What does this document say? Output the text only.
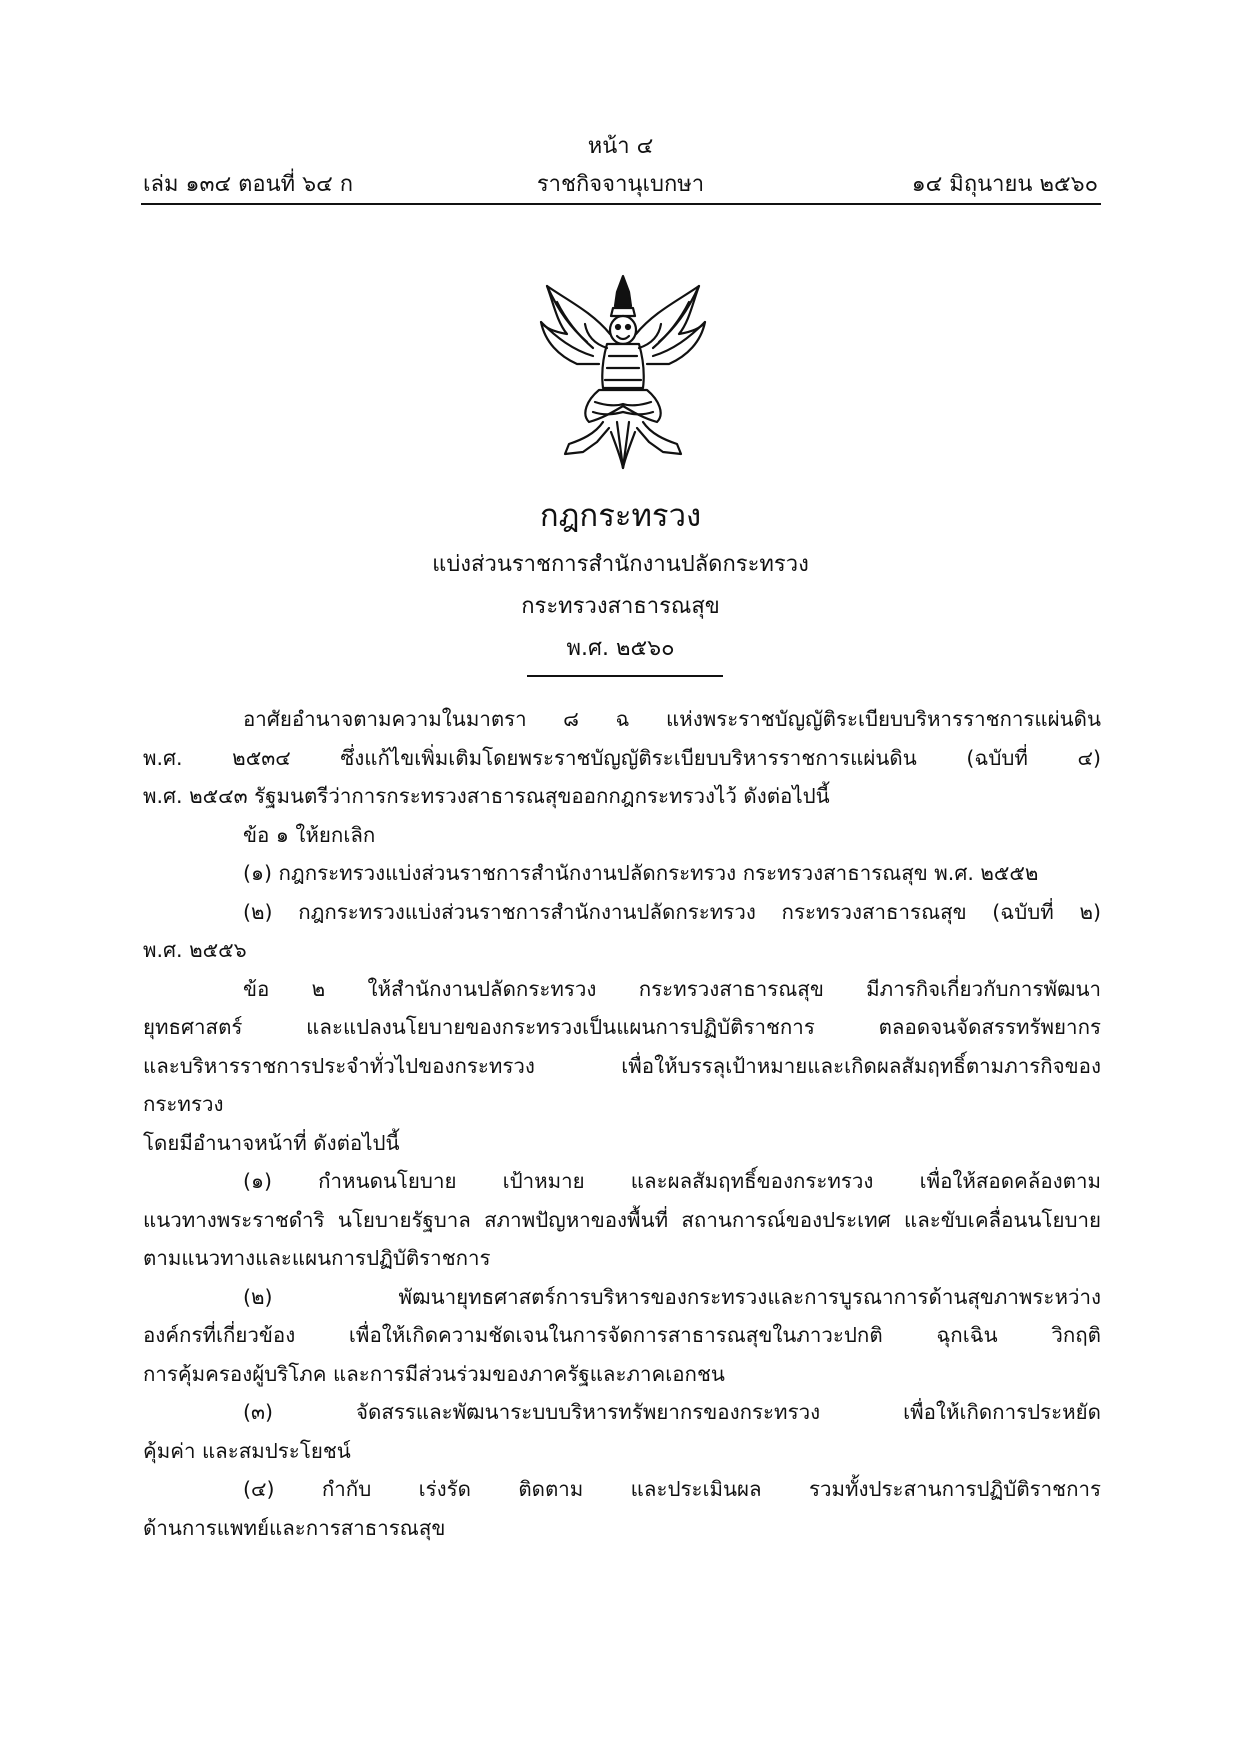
หน้า ๔
เล่ม ๑๓๔ ตอนที่ ๖๔ ก	ราชกิจจานุเบกษา	๑๔ มิถุนายน ๒๕๖๐
กฎกระทรวง
แบ่งส่วนราชการสำนักงานปลัดกระทรวง
กระทรวงสาธารณสุข
พ.ศ. ๒๕๖๐

อาศัยอำนาจตามความในมาตรา ๘ ฉ แห่งพระราชบัญญัติระเบียบบริหารราชการแผ่นดิน

พ.ศ. ๒๕๓๔ ซึ่งแก้ไขเพิ่มเติมโดยพระราชบัญญัติระเบียบบริหารราชการแผ่นดิน (ฉบับที่ ๔)

พ.ศ. ๒๕๔๓ รัฐมนตรีว่าการกระทรวงสาธารณสุขออกกฎกระทรวงไว้ ดังต่อไปนี้

ข้อ ๑ ให้ยกเลิก

(๑) กฎกระทรวงแบ่งส่วนราชการสำนักงานปลัดกระทรวง กระทรวงสาธารณสุข พ.ศ. ๒๕๕๒

(๒) กฎกระทรวงแบ่งส่วนราชการสำนักงานปลัดกระทรวง กระทรวงสาธารณสุข (ฉบับที่ ๒)

พ.ศ. ๒๕๕๖

ข้อ ๒ ให้สำนักงานปลัดกระทรวง กระทรวงสาธารณสุข มีภารกิจเกี่ยวกับการพัฒนา

ยุทธศาสตร์ และแปลงนโยบายของกระทรวงเป็นแผนการปฏิบัติราชการ ตลอดจนจัดสรรทรัพยากร

และบริหารราชการประจำทั่วไปของกระทรวง เพื่อให้บรรลุเป้าหมายและเกิดผลสัมฤทธิ์ตามภารกิจของกระทรวง

โดยมีอำนาจหน้าที่ ดังต่อไปนี้

(๑) กำหนดนโยบาย เป้าหมาย และผลสัมฤทธิ์ของกระทรวง เพื่อให้สอดคล้องตาม

แนวทางพระราชดำริ นโยบายรัฐบาล สภาพปัญหาของพื้นที่ สถานการณ์ของประเทศ และขับเคลื่อนนโยบาย

ตามแนวทางและแผนการปฏิบัติราชการ

(๒) พัฒนายุทธศาสตร์การบริหารของกระทรวงและการบูรณาการด้านสุขภาพระหว่าง

องค์กรที่เกี่ยวข้อง เพื่อให้เกิดความชัดเจนในการจัดการสาธารณสุขในภาวะปกติ ฉุกเฉิน วิกฤติ

การคุ้มครองผู้บริโภค และการมีส่วนร่วมของภาครัฐและภาคเอกชน

(๓) จัดสรรและพัฒนาระบบบริหารทรัพยากรของกระทรวง เพื่อให้เกิดการประหยัด

คุ้มค่า และสมประโยชน์

(๔) กำกับ เร่งรัด ติดตาม และประเมินผล รวมทั้งประสานการปฏิบัติราชการ

ด้านการแพทย์และการสาธารณสุข
